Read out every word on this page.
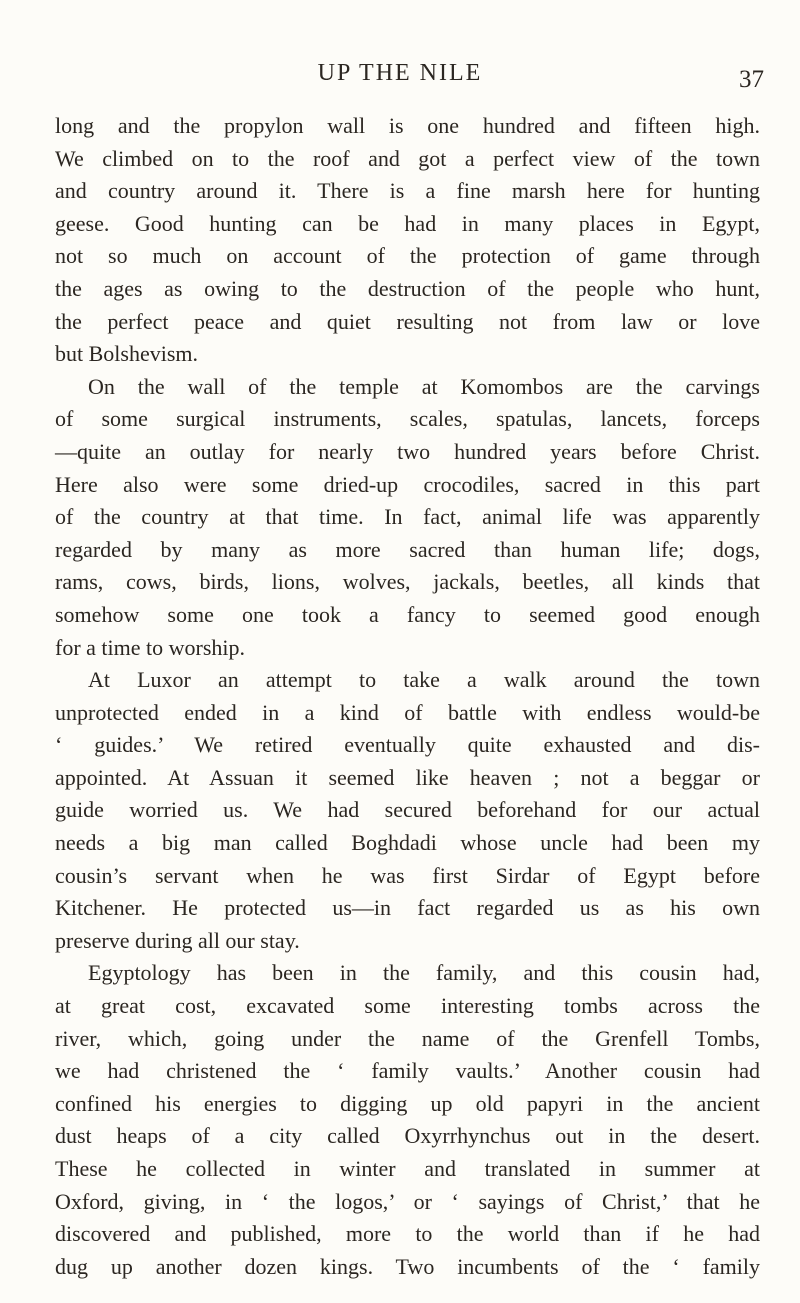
UP THE NILE	37
long and the propylon wall is one hundred and fifteen high.
We climbed on to the roof and got a perfect view of the town
and country around it. There is a fine marsh here for hunting
geese. Good hunting can be had in many places in Egypt,
not so much on account of the protection of game through
the ages as owing to the destruction of the people who hunt,
the perfect peace and quiet resulting not from law or love
but Bolshevism.
On the wall of the temple at Komombos are the carvings
of some surgical instruments, scales, spatulas, lancets, forceps
—quite an outlay for nearly two hundred years before Christ.
Here also were some dried-up crocodiles, sacred in this part
of the country at that time. In fact, animal life was apparently
regarded by many as more sacred than human life; dogs,
rams, cows, birds, lions, wolves, jackals, beetles, all kinds that
somehow some one took a fancy to seemed good enough
for a time to worship.
At Luxor an attempt to take a walk around the town
unprotected ended in a kind of battle with endless would-be
‘ guides.’ We retired eventually quite exhausted and dis-
appointed. At Assuan it seemed like heaven ; not a beggar or
guide worried us. We had secured beforehand for our actual
needs a big man called Boghdadi whose uncle had been my
cousin’s servant when he was first Sirdar of Egypt before
Kitchener. He protected us—in fact regarded us as his own
preserve during all our stay.
Egyptology has been in the family, and this cousin had,
at great cost, excavated some interesting tombs across the
river, which, going under the name of the Grenfell Tombs,
we had christened the ‘ family vaults.’ Another cousin had
confined his energies to digging up old papyri in the ancient
dust heaps of a city called Oxyrrhynchus out in the desert.
These he collected in winter and translated in summer at
Oxford, giving, in ‘ the logos,’ or ‘ sayings of Christ,’ that he
discovered and published, more to the world than if he had
dug up another dozen kings. Two incumbents of the ‘ family
